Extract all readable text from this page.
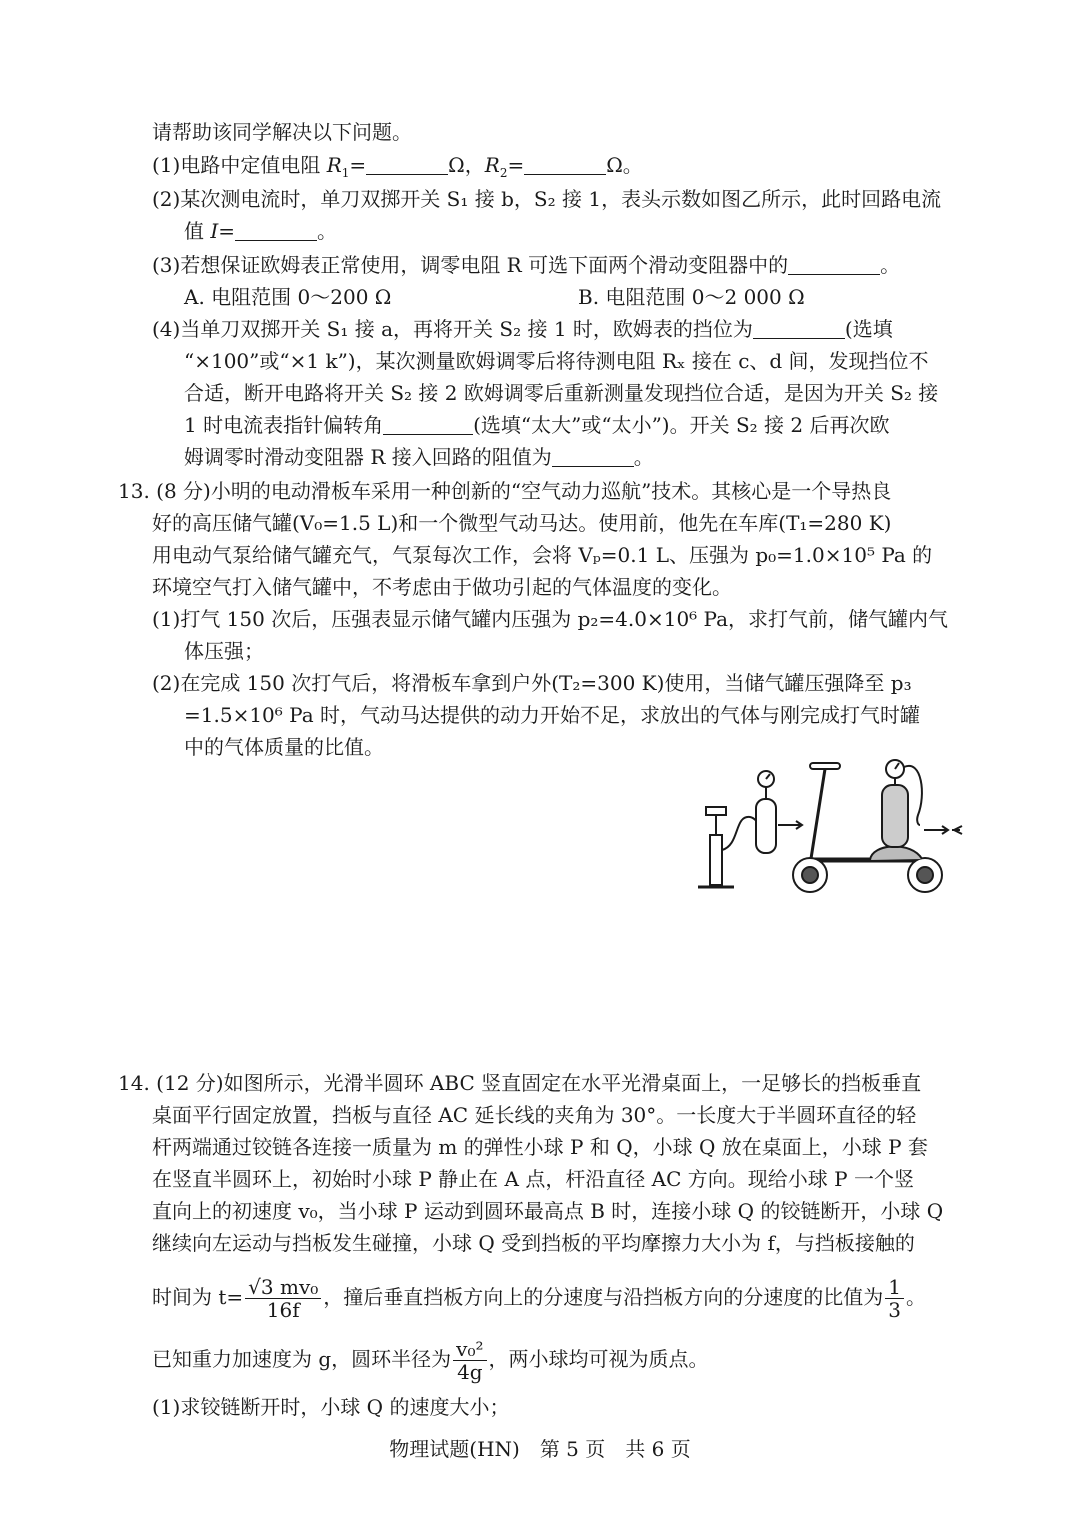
请帮助该同学解决以下问题。
(1)电路中定值电阻 $R_1=$	Ω，$R_2=$	Ω。
(2)某次测电流时，单刀双掷开关 S₁ 接 b，S₂ 接 1，表头示数如图乙所示，此时回路电流
值 I=	。
(3)若想保证欧姆表正常使用，调零电阻 R 可选下面两个滑动变阻器中的	。
A. 电阻范围 0～200 Ω	B. 电阻范围 0～2 000 Ω
(4)当单刀双掷开关 S₁ 接 a，再将开关 S₂ 接 1 时，欧姆表的挡位为	(选填
“×100”或“×1 k”)，某次测量欧姆调零后将待测电阻 Rₓ 接在 c、d 间，发现挡位不
合适，断开电路将开关 S₂ 接 2 欧姆调零后重新测量发现挡位合适，是因为开关 S₂ 接
1 时电流表指针偏转角	(选填“太大”或“太小”)。开关 S₂ 接 2 后再次欧
姆调零时滑动变阻器 R 接入回路的阻值为	。
13. (8 分)小明的电动滑板车采用一种创新的“空气动力巡航”技术。其核心是一个导热良
好的高压储气罐(V₀=1.5 L)和一个微型气动马达。使用前，他先在车库(T₁=280 K)
用电动气泵给储气罐充气，气泵每次工作，会将 Vₚ=0.1 L、压强为 p₀=1.0×10⁵ Pa 的
环境空气打入储气罐中，不考虑由于做功引起的气体温度的变化。
(1)打气 150 次后，压强表显示储气罐内压强为 p₂=4.0×10⁶ Pa，求打气前，储气罐内气
体压强；
(2)在完成 150 次打气后，将滑板车拿到户外(T₂=300 K)使用，当储气罐压强降至 p₃
=1.5×10⁶ Pa 时，气动马达提供的动力开始不足，求放出的气体与刚完成打气时罐
中的气体质量的比值。
14. (12 分)如图所示，光滑半圆环 ABC 竖直固定在水平光滑桌面上，一足够长的挡板垂直
桌面平行固定放置，挡板与直径 AC 延长线的夹角为 30°。一长度大于半圆环直径的轻
杆两端通过铰链各连接一质量为 m 的弹性小球 P 和 Q，小球 Q 放在桌面上，小球 P 套
在竖直半圆环上，初始时小球 P 静止在 A 点，杆沿直径 AC 方向。现给小球 P 一个竖
直向上的初速度 v₀，当小球 P 运动到圆环最高点 B 时，连接小球 Q 的铰链断开，小球 Q
继续向左运动与挡板发生碰撞，小球 Q 受到挡板的平均摩擦力大小为 f，与挡板接触的
时间为 $t= \frac{\text{√3 mv₀}}{16f}$ ，撞后垂直挡板方向上的分速度与沿挡板方向的分速度的比值为 $\frac{1}{3}$ 。
已知重力加速度为 g，圆环半径为 $\frac{\text{v₀²}}{4g}$ ，两小球均可视为质点。
(1)求铰链断开时，小球 Q 的速度大小；
物理试题(HN)　第 5 页　共 6 页
